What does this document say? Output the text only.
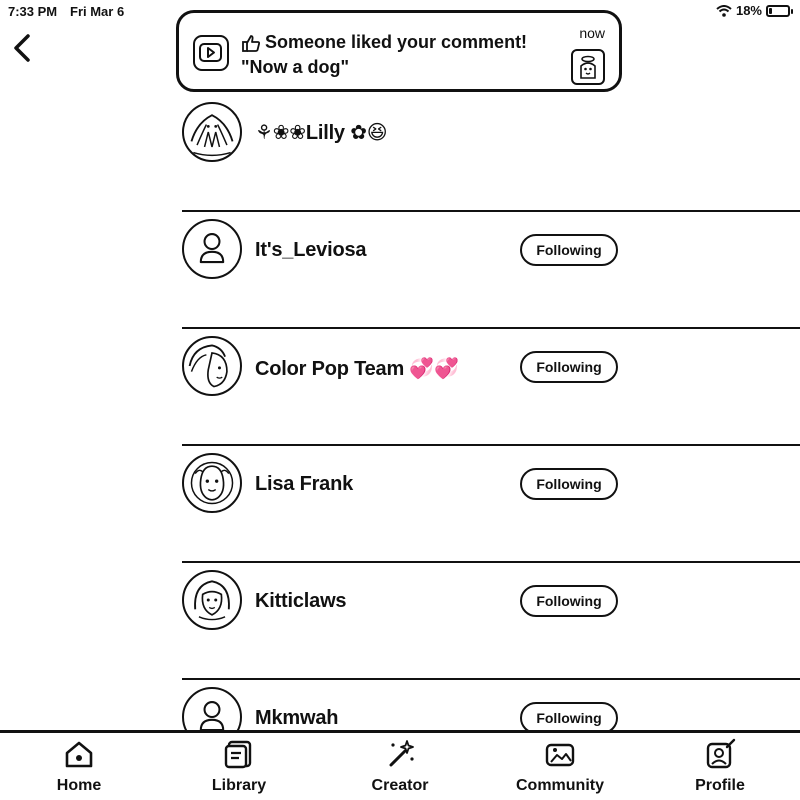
7:33 PM Fri Mar 6	18%
Someone liked your comment!
"Now a dog"
now
⚘❀❀Lilly ✿😆
It's_Leviosa	Following
Color Pop Team 💞💞	Following
Lisa Frank	Following
Kitticlaws	Following
Mkmwah	Following
Home	Library	Creator	Community	Profile
